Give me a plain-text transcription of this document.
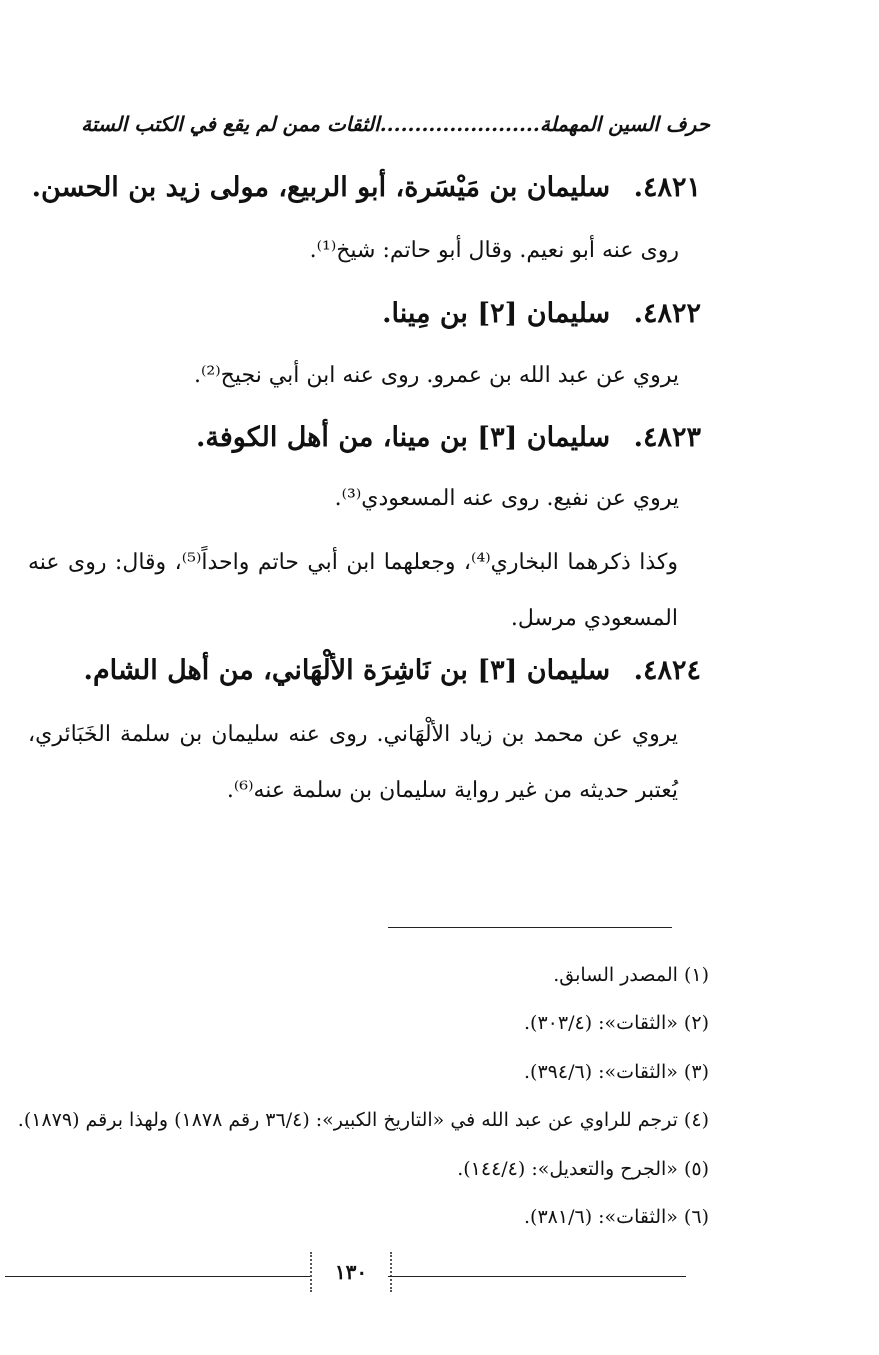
حرف السين المهملة.......................الثقات ممن لم يقع في الكتب الستة
٤٨٢١. سليمان بن مَيْسَرة، أبو الربيع، مولى زيد بن الحسن.
روى عنه أبو نعيم. وقال أبو حاتم: شيخ⁽¹⁾.
٤٨٢٢. سليمان [٢] بن مِينا.
يروي عن عبد الله بن عمرو. روى عنه ابن أبي نجيح⁽²⁾.
٤٨٢٣. سليمان [٣] بن مينا، من أهل الكوفة.
يروي عن نفيع. روى عنه المسعودي⁽³⁾.
وكذا ذكرهما البخاري⁽⁴⁾، وجعلهما ابن أبي حاتم واحداً⁽⁵⁾، وقال: روى عنه المسعودي مرسل.
٤٨٢٤. سليمان [٣] بن نَاشِرَة الألْهَاني، من أهل الشام.
يروي عن محمد بن زياد الألْهَاني. روى عنه سليمان بن سلمة الخَبَائري، يُعتبر حديثه من غير رواية سليمان بن سلمة عنه⁽⁶⁾.
(١) المصدر السابق.
(٢) «الثقات»: (٣٠٣/٤).
(٣) «الثقات»: (٣٩٤/٦).
(٤) ترجم للراوي عن عبد الله في «التاريخ الكبير»: (٣٦/٤ رقم ١٨٧٨) ولهذا برقم (١٨٧٩).
(٥) «الجرح والتعديل»: (١٤٤/٤).
(٦) «الثقات»: (٣٨١/٦).
١٣٠
